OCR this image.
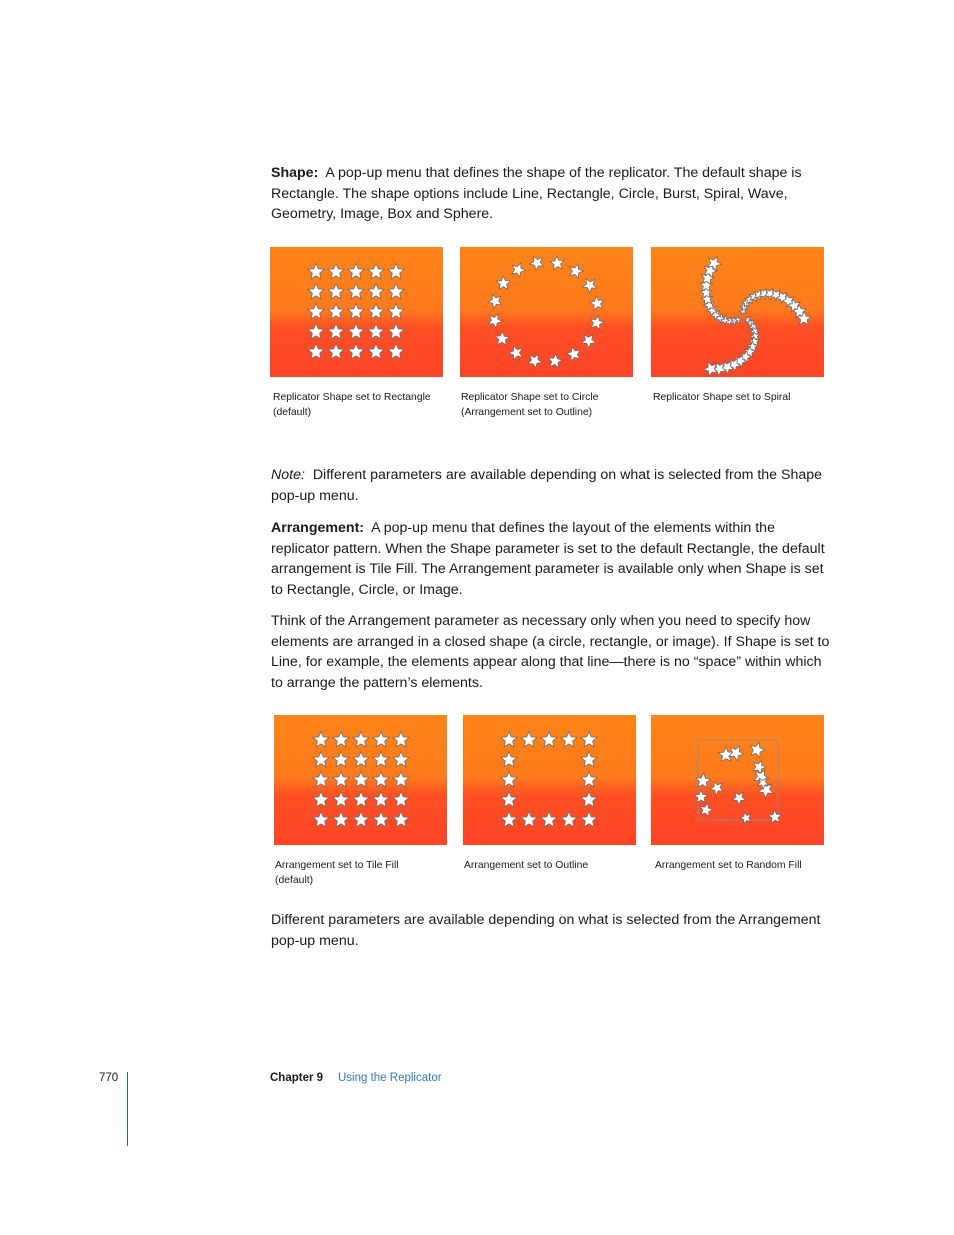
Shape: A pop-up menu that defines the shape of the replicator. The default shape is Rectangle. The shape options include Line, Rectangle, Circle, Burst, Spiral, Wave, Geometry, Image, Box and Sphere.

Replicator Shape set to Rectangle
(default)
Replicator Shape set to Circle
(Arrangement set to Outline)
Replicator Shape set to Spiral

Note: Different parameters are available depending on what is selected from the Shape pop-up menu.

Arrangement: A pop-up menu that defines the layout of the elements within the replicator pattern. When the Shape parameter is set to the default Rectangle, the default arrangement is Tile Fill. The Arrangement parameter is available only when Shape is set to Rectangle, Circle, or Image.

Think of the Arrangement parameter as necessary only when you need to specify how elements are arranged in a closed shape (a circle, rectangle, or image). If Shape is set to Line, for example, the elements appear along that line—there is no “space” within which to arrange the pattern’s elements.

Arrangement set to Tile Fill
(default)
Arrangement set to Outline	Arrangement set to Random Fill

Different parameters are available depending on what is selected from the Arrangement pop-up menu.

770	Chapter 9 Using the Replicator
